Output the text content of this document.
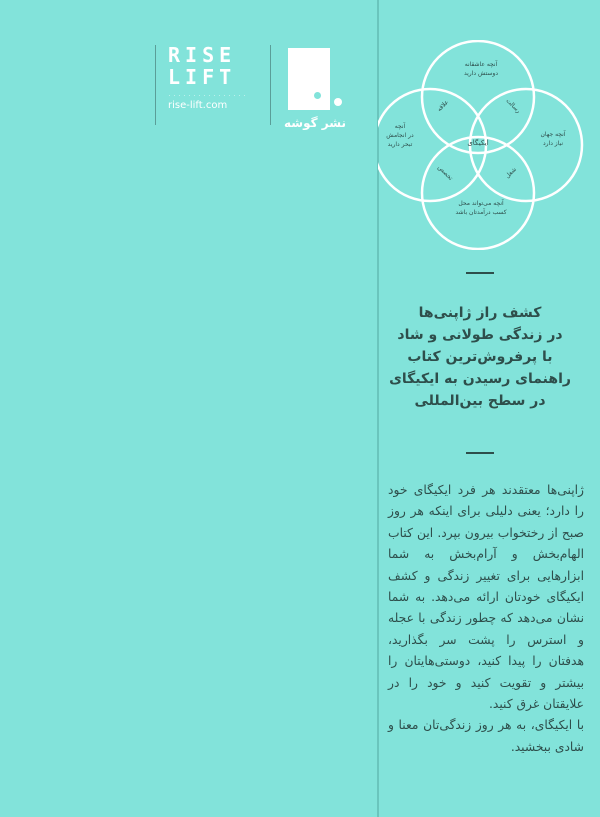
RISE
LIFT
................
rise-lift.com
نشر گوشه
آنچه عاشقانه
دوستش دارید
آنچه جهان
نیاز دارد
آنچه می‌تواند محل
کسب درآمدتان باشد
آنچه
در انجامش
تبحر دارید	ایکیگای
علاقه	رسالت
تخصص	شغل
کشف راز ژاپنی‌ها
در زندگی طولانی و شاد
با پرفروش‌ترین کتاب
راهنمای رسیدن به ایکیگای
در سطح بین‌المللی

ژاپنی‌ها معتقدند هر فرد ایکیگای خود را دارد؛ یعنی دلیلی برای اینکه هر روز صبح از رختخواب بیرون بپرد. این کتاب الهام‌بخش و آرام‌بخش به شما ابزارهایی برای تغییر زندگی و کشف ایکیگای خودتان ارائه می‌دهد. به شما نشان می‌دهد که چطور زندگی با عجله و استرس را پشت سر بگذارید، هدفتان را پیدا کنید، دوستی‌هایتان را بیشتر و تقویت کنید و خود را در علایقتان غرق کنید.

با ایکیگای، به هر روز زندگی‌تان معنا و شادی ببخشید.
